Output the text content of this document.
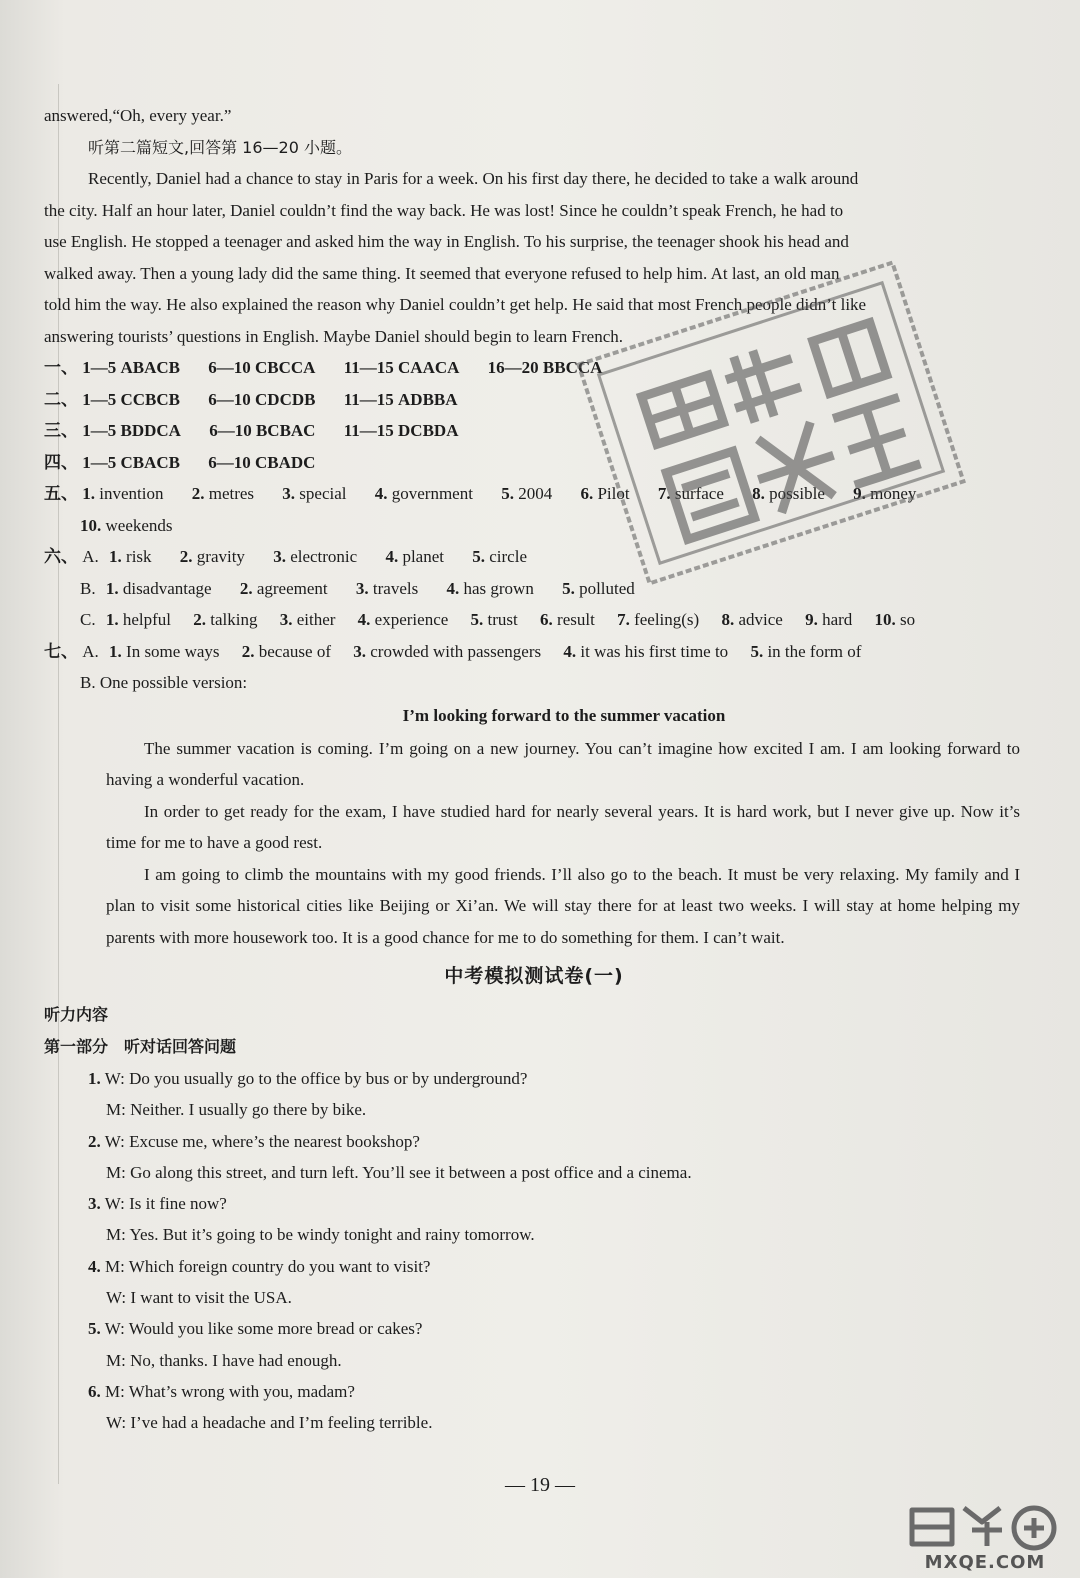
answered,“Oh, every year.”
听第二篇短文,回答第 16—20 小题。
Recently, Daniel had a chance to stay in Paris for a week. On his first day there, he decided to take a walk around
the city. Half an hour later, Daniel couldn’t find the way back. He was lost! Since he couldn’t speak French, he had to
use English. He stopped a teenager and asked him the way in English. To his surprise, the teenager shook his head and
walked away. Then a young lady did the same thing. It seemed that everyone refused to help him. At last, an old man
told him the way. He also explained the reason why Daniel couldn’t get help. He said that most French people didn’t like
answering tourists’ questions in English. Maybe Daniel should begin to learn French.
一、 1—5 ABACB 6—10 CBCCA 11—15 CAACA 16—20 BBCCA
二、 1—5 CCBCB 6—10 CDCDB 11—15 ADBBA
三、 1—5 BDDCA 6—10 BCBAC 11—15 DCBDA
四、 1—5 CBACB 6—10 CBADC
五、 1. invention 2. metres 3. special 4. government 5. 2004 6. Pilot 7. surface 8. possible 9. money
10. weekends
六、 A. 1. risk 2. gravity 3. electronic 4. planet 5. circle
B. 1. disadvantage 2. agreement 3. travels 4. has grown 5. polluted
C. 1. helpful 2. talking 3. either 4. experience 5. trust 6. result 7. feeling(s) 8. advice 9. hard 10. so
七、 A. 1. In some ways 2. because of 3. crowded with passengers 4. it was his first time to 5. in the form of
B. One possible version:
I’m looking forward to the summer vacation
The summer vacation is coming. I’m going on a new journey. You can’t imagine how excited I am. I am looking forward to having a wonderful vacation.
In order to get ready for the exam, I have studied hard for nearly several years. It is hard work, but I never give up. Now it’s time for me to have a good rest.
I am going to climb the mountains with my good friends. I’ll also go to the beach. It must be very relaxing. My family and I plan to visit some historical cities like Beijing or Xi’an. We will stay there for at least two weeks. I will stay at home helping my parents with more housework too. It is a good chance for me to do something for them. I can’t wait.
中考模拟测试卷(一)
听力内容
第一部分　听对话回答问题
1. W: Do you usually go to the office by bus or by underground?
M: Neither. I usually go there by bike.
2. W: Excuse me, where’s the nearest bookshop?
M: Go along this street, and turn left. You’ll see it between a post office and a cinema.
3. W: Is it fine now?
M: Yes. But it’s going to be windy tonight and rainy tomorrow.
4. M: Which foreign country do you want to visit?
W: I want to visit the USA.
5. W: Would you like some more bread or cakes?
M: No, thanks. I have had enough.
6. M: What’s wrong with you, madam?
W: I’ve had a headache and I’m feeling terrible.
— 19 —
MXQE.COM
